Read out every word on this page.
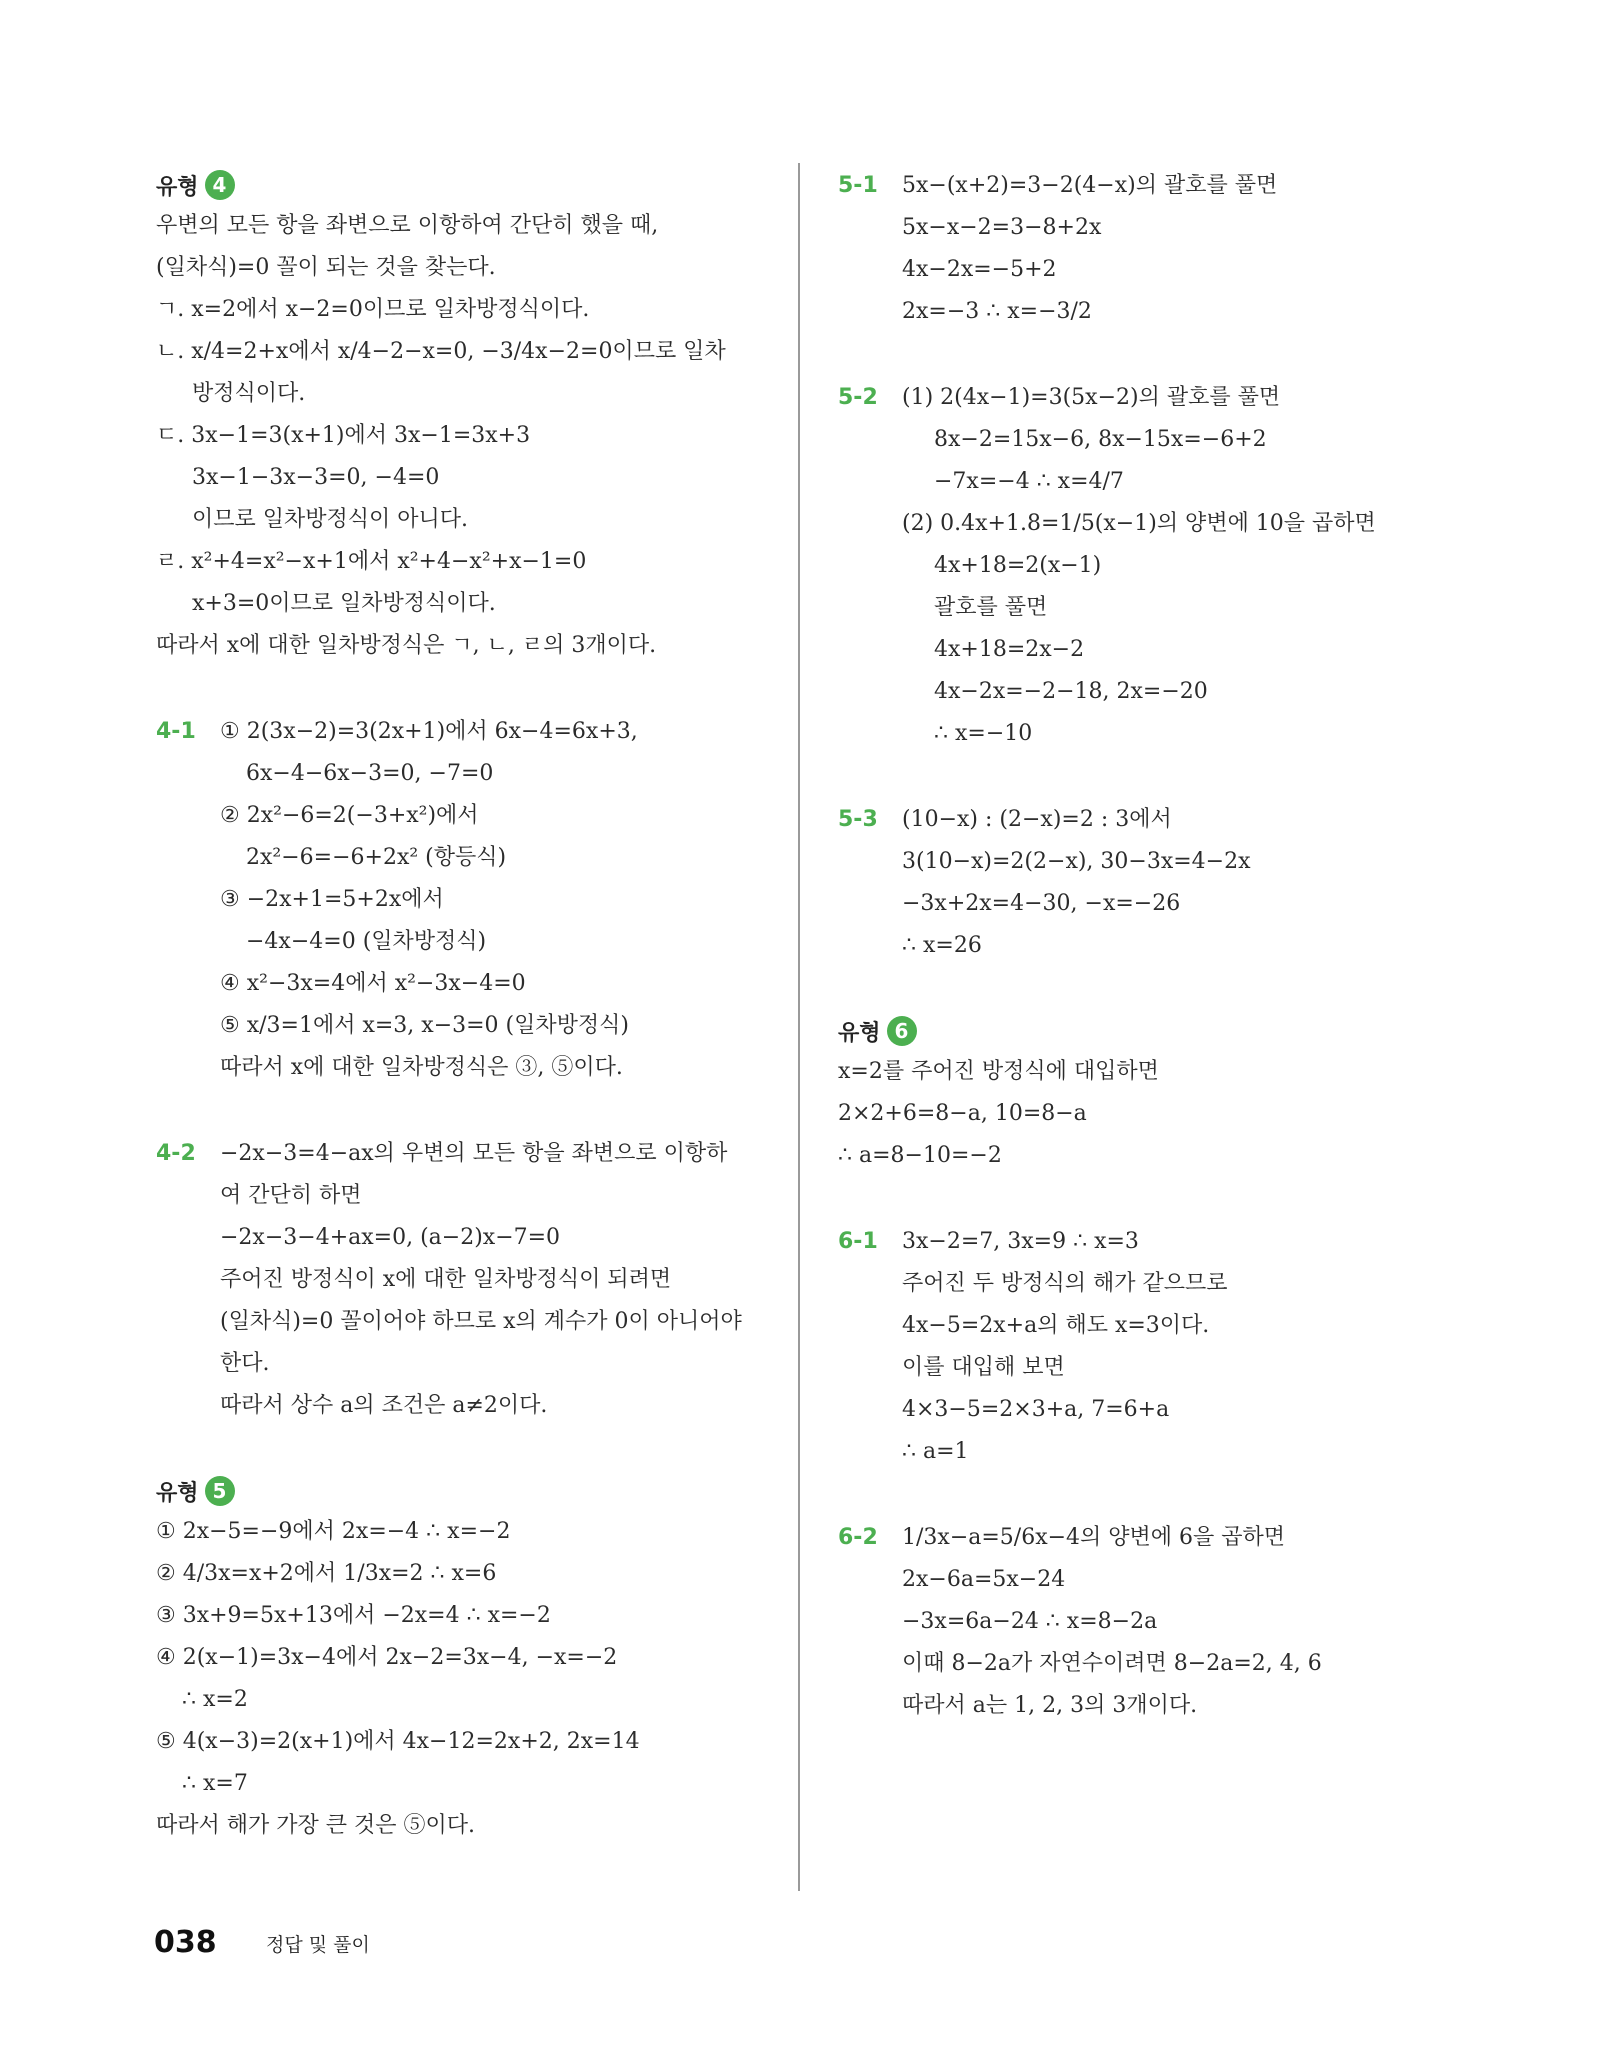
유형 4
우변의 모든 항을 좌변으로 이항하여 간단히 했을 때,
(일차식)=0 꼴이 되는 것을 찾는다.
ㄱ. x=2에서 x−2=0이므로 일차방정식이다.
ㄴ. x/4=2+x에서 x/4−2−x=0, −3/4x−2=0이므로 일차
방정식이다.
ㄷ. 3x−1=3(x+1)에서 3x−1=3x+3
3x−1−3x−3=0, −4=0
이므로 일차방정식이 아니다.
ㄹ. x²+4=x²−x+1에서 x²+4−x²+x−1=0
x+3=0이므로 일차방정식이다.
따라서 x에 대한 일차방정식은 ㄱ, ㄴ, ㄹ의 3개이다.
4-1 ① 2(3x−2)=3(2x+1)에서 6x−4=6x+3,
6x−4−6x−3=0, −7=0
② 2x²−6=2(−3+x²)에서
2x²−6=−6+2x² (항등식)
③ −2x+1=5+2x에서
−4x−4=0 (일차방정식)
④ x²−3x=4에서 x²−3x−4=0
⑤ x/3=1에서 x=3, x−3=0 (일차방정식)
따라서 x에 대한 일차방정식은 ③, ⑤이다.
4-2 −2x−3=4−ax의 우변의 모든 항을 좌변으로 이항하
여 간단히 하면
−2x−3−4+ax=0, (a−2)x−7=0
주어진 방정식이 x에 대한 일차방정식이 되려면
(일차식)=0 꼴이어야 하므로 x의 계수가 0이 아니어야
한다.
따라서 상수 a의 조건은 a≠2이다.
유형 5
① 2x−5=−9에서 2x=−4 ∴ x=−2
② 4/3x=x+2에서 1/3x=2 ∴ x=6
③ 3x+9=5x+13에서 −2x=4 ∴ x=−2
④ 2(x−1)=3x−4에서 2x−2=3x−4, −x=−2
∴ x=2
⑤ 4(x−3)=2(x+1)에서 4x−12=2x+2, 2x=14
∴ x=7
따라서 해가 가장 큰 것은 ⑤이다.
5-1 5x−(x+2)=3−2(4−x)의 괄호를 풀면
5x−x−2=3−8+2x
4x−2x=−5+2
2x=−3 ∴ x=−3/2
5-2 (1) 2(4x−1)=3(5x−2)의 괄호를 풀면
8x−2=15x−6, 8x−15x=−6+2
−7x=−4 ∴ x=4/7
(2) 0.4x+1.8=1/5(x−1)의 양변에 10을 곱하면
4x+18=2(x−1)
괄호를 풀면
4x+18=2x−2
4x−2x=−2−18, 2x=−20
∴ x=−10
5-3 (10−x) : (2−x)=2 : 3에서
3(10−x)=2(2−x), 30−3x=4−2x
−3x+2x=4−30, −x=−26
∴ x=26
유형 6
x=2를 주어진 방정식에 대입하면
2×2+6=8−a, 10=8−a
∴ a=8−10=−2
6-1 3x−2=7, 3x=9 ∴ x=3
주어진 두 방정식의 해가 같으므로
4x−5=2x+a의 해도 x=3이다.
이를 대입해 보면
4×3−5=2×3+a, 7=6+a
∴ a=1
6-2 1/3x−a=5/6x−4의 양변에 6을 곱하면
2x−6a=5x−24
−3x=6a−24 ∴ x=8−2a
이때 8−2a가 자연수이려면 8−2a=2, 4, 6
따라서 a는 1, 2, 3의 3개이다.
038	정답 및 풀이
